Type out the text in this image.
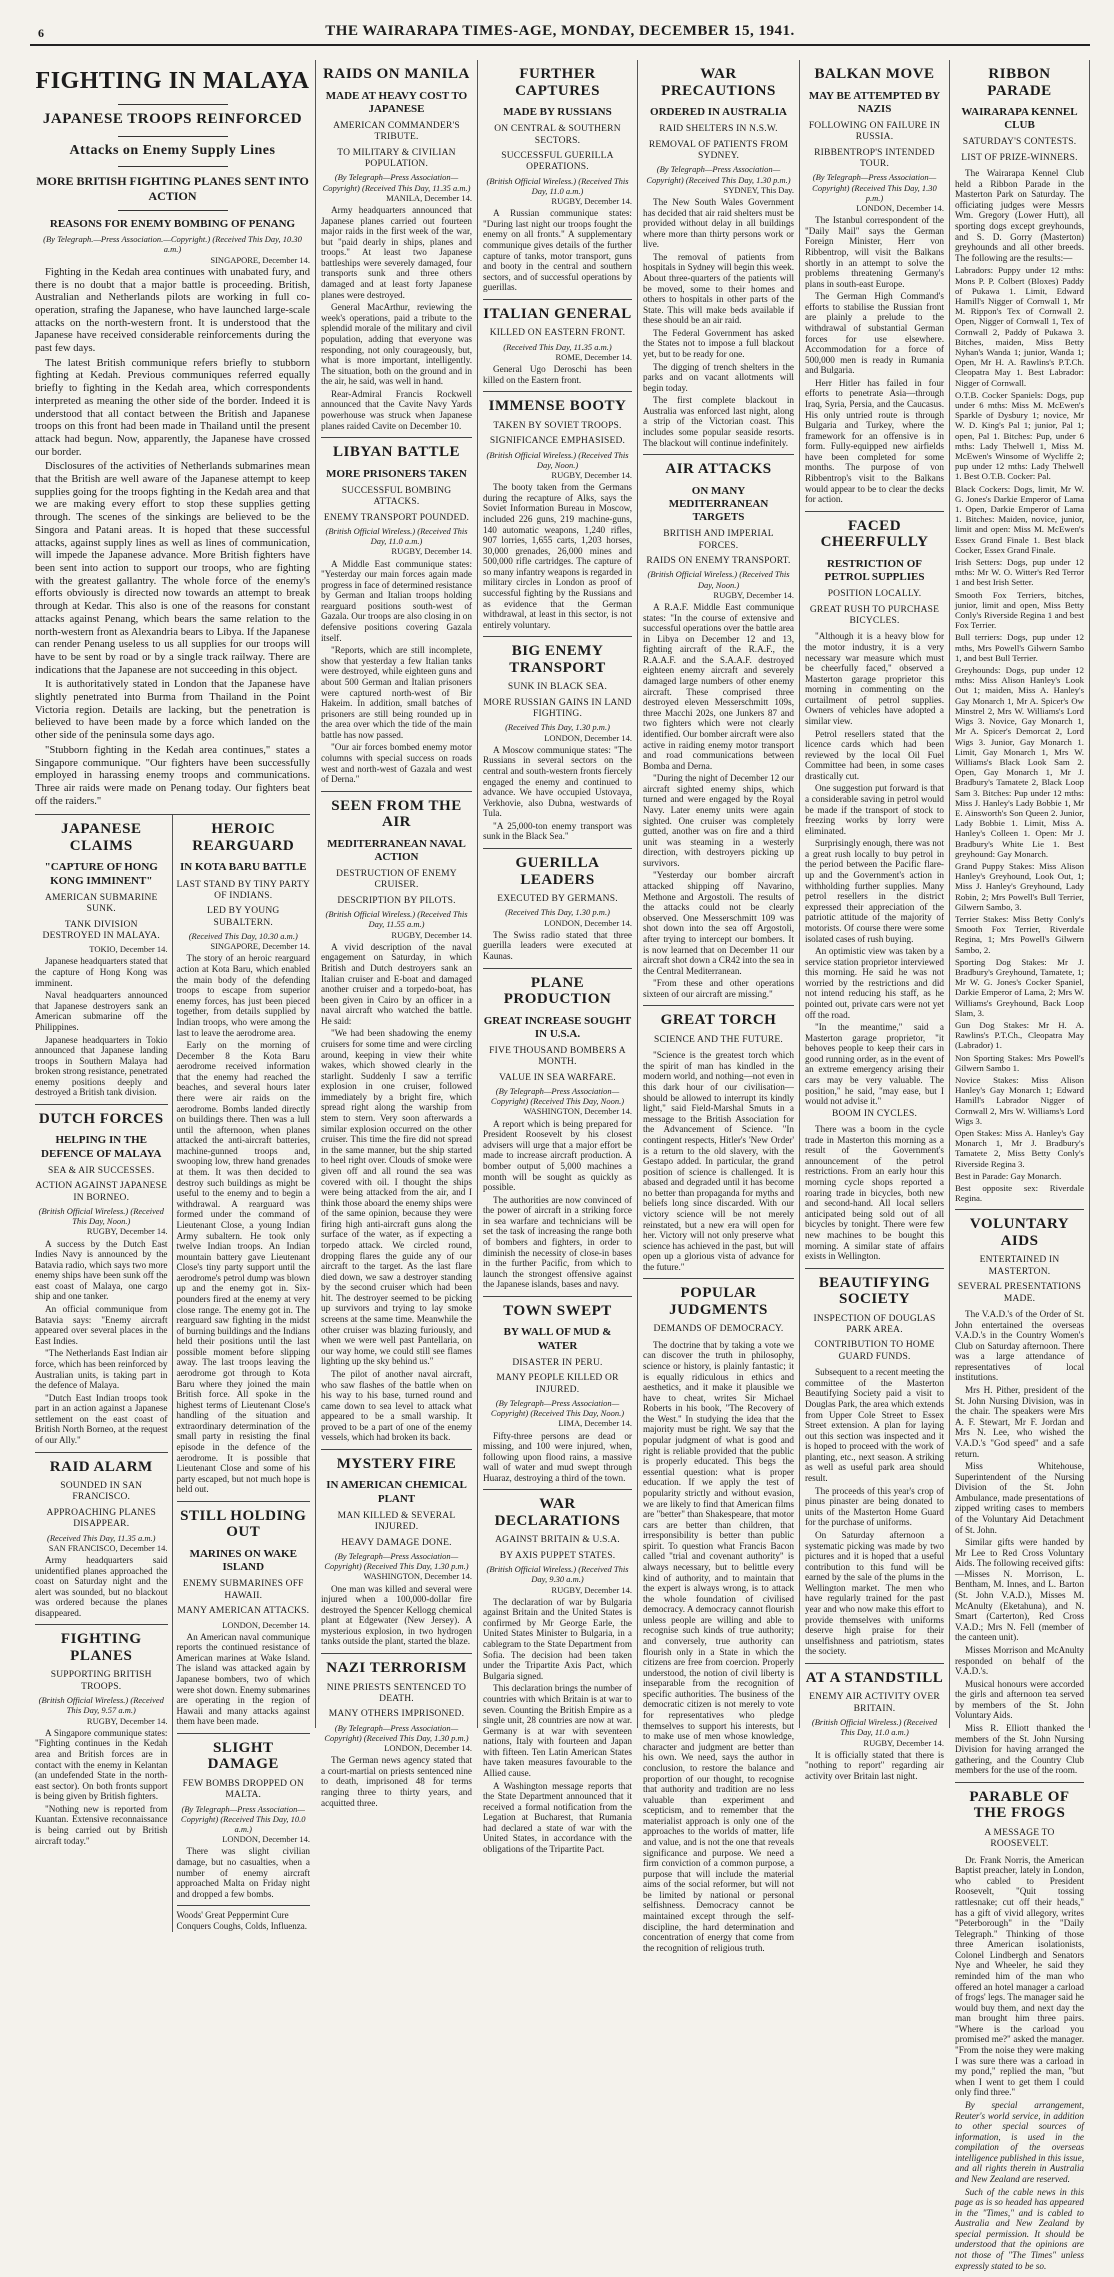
6	THE WAIRARAPA TIMES-AGE, MONDAY, DECEMBER 15, 1941.
FIGHTING IN MALAYA
JAPANESE TROOPS REINFORCED
Attacks on Enemy Supply Lines
MORE BRITISH FIGHTING PLANES SENT INTO ACTION
REASONS FOR ENEMY BOMBING OF PENANG
(By Telegraph.—Press Association.—Copyright.) (Received This Day, 10.30 a.m.)
SINGAPORE, December 14.

Fighting in the Kedah area continues with unabated fury, and there is no doubt that a major battle is proceeding. British, Australian and Netherlands pilots are working in full co-operation, strafing the Japanese, who have launched large-scale attacks on the north-western front. It is understood that the Japanese have received considerable reinforcements during the past few days.

The latest British communique refers briefly to stubborn fighting at Kedah. Previous communiques referred equally briefly to fighting in the Kedah area, which correspondents interpreted as meaning the other side of the border. Indeed it is understood that all contact between the British and Japanese troops on this front had been made in Thailand until the present attack had begun. Now, apparently, the Japanese have crossed our border.

Disclosures of the activities of Netherlands submarines mean that the British are well aware of the Japanese attempt to keep supplies going for the troops fighting in the Kedah area and that we are making every effort to stop these supplies getting through. The scenes of the sinkings are believed to be the Singora and Patani areas. It is hoped that these successful attacks, against supply lines as well as lines of communication, will impede the Japanese advance. More British fighters have been sent into action to support our troops, who are fighting with the greatest gallantry. The whole force of the enemy's efforts obviously is directed now towards an attempt to break through at Kedar. This also is one of the reasons for constant attacks against Penang, which bears the same relation to the north-western front as Alexandria bears to Libya. If the Japanese can render Penang useless to us all supplies for our troops will have to be sent by road or by a single track railway. There are indications that the Japanese are not succeeding in this object.

It is authoritatively stated in London that the Japanese have slightly penetrated into Burma from Thailand in the Point Victoria region. Details are lacking, but the penetration is believed to have been made by a force which landed on the other side of the peninsula some days ago.

"Stubborn fighting in the Kedah area continues," states a Singapore communique. "Our fighters have been successfully employed in harassing enemy troops and communications. Three air raids were made on Penang today. Our fighters beat off the raiders."

JAPANESE CLAIMS
"CAPTURE OF HONG KONG IMMINENT"
AMERICAN SUBMARINE SUNK.
TANK DIVISION DESTROYED IN MALAYA.
TOKIO, December 14.

Japanese headquarters stated that the capture of Hong Kong was imminent.

Naval headquarters announced that Japanese destroyers sank an American submarine off the Philippines.

Japanese headquarters in Tokio announced that Japanese landing troops in Southern Malaya had broken strong resistance, penetrated enemy positions deeply and destroyed a British tank division.

DUTCH FORCES
HELPING IN THE DEFENCE OF MALAYA
SEA & AIR SUCCESSES.
ACTION AGAINST JAPANESE IN BORNEO.
(British Official Wireless.) (Received This Day, Noon.)
RUGBY, December 14.

A success by the Dutch East Indies Navy is announced by the Batavia radio, which says two more enemy ships have been sunk off the east coast of Malaya, one cargo ship and one tanker.

An official communique from Batavia says: "Enemy aircraft appeared over several places in the East Indies.

"The Netherlands East Indian air force, which has been reinforced by Australian units, is taking part in the defence of Malaya.

"Dutch East Indian troops took part in an action against a Japanese settlement on the east coast of British North Borneo, at the request of our Ally."

RAID ALARM
SOUNDED IN SAN FRANCISCO.
APPROACHING PLANES DISAPPEAR.
(Received This Day, 11.35 a.m.)
SAN FRANCISCO, December 14.

Army headquarters said unidentified planes approached the coast on Saturday night and the alert was sounded, but no blackout was ordered because the planes disappeared.

FIGHTING PLANES
SUPPORTING BRITISH TROOPS.
(British Official Wireless.) (Received This Day, 9.57 a.m.)
RUGBY, December 14.

A Singapore communique states: "Fighting continues in the Kedah area and British forces are in contact with the enemy in Kelantan (an undefended State in the north-east sector). On both fronts support is being given by British fighters.

"Nothing new is reported from Kuantan. Extensive reconnaissance is being carried out by British aircraft today."

HEROIC REARGUARD
IN KOTA BARU BATTLE
LAST STAND BY TINY PARTY OF INDIANS.
LED BY YOUNG SUBALTERN.
(Received This Day, 10.30 a.m.)
SINGAPORE, December 14.

The story of an heroic rearguard action at Kota Baru, which enabled the main body of the defending troops to escape from superior enemy forces, has just been pieced together, from details supplied by Indian troops, who were among the last to leave the aerodrome area.

Early on the morning of December 8 the Kota Baru aerodrome received information that the enemy had reached the beaches, and several hours later there were air raids on the aerodrome. Bombs landed directly on buildings there. Then was a lull until the afternoon, when planes attacked the anti-aircraft batteries, machine-gunned troops and, swooping low, threw hand grenades at them. It was then decided to destroy such buildings as might be useful to the enemy and to begin a withdrawal. A rearguard was formed under the command of Lieutenant Close, a young Indian Army subaltern. He took only twelve Indian troops. An Indian mountain battery gave Lieutenant Close's tiny party support until the aerodrome's petrol dump was blown up and the enemy got in. Six-pounders fired at the enemy at very close range. The enemy got in. The rearguard saw fighting in the midst of burning buildings and the Indians held their positions until the last possible moment before slipping away. The last troops leaving the aerodrome got through to Kota Baru where they joined the main British force. All spoke in the highest terms of Lieutenant Close's handling of the situation and extraordinary determination of the small party in resisting the final episode in the defence of the aerodrome. It is possible that Lieutenant Close and some of his party escaped, but not much hope is held out.

STILL HOLDING OUT
MARINES ON WAKE ISLAND
ENEMY SUBMARINES OFF HAWAII.
MANY AMERICAN ATTACKS.
LONDON, December 14.

An American naval communique reports the continued resistance of American marines at Wake Island. The island was attacked again by Japanese bombers, two of which were shot down. Enemy submarines are operating in the region of Hawaii and many attacks against them have been made.

SLIGHT DAMAGE
FEW BOMBS DROPPED ON MALTA.
(By Telegraph—Press Association—Copyright) (Received This Day, 10.0 a.m.)
LONDON, December 14.

There was slight civilian damage, but no casualties, when a number of enemy aircraft approached Malta on Friday night and dropped a few bombs.

Woods' Great Peppermint Cure Conquers Coughs, Colds, Influenza.
RAIDS ON MANILA
MADE AT HEAVY COST TO JAPANESE
AMERICAN COMMANDER'S TRIBUTE.
TO MILITARY & CIVILIAN POPULATION.
(By Telegraph—Press Association—Copyright) (Received This Day, 11.35 a.m.)
MANILA, December 14.

Army headquarters announced that Japanese planes carried out fourteen major raids in the first week of the war, but "paid dearly in ships, planes and troops." At least two Japanese battleships were severely damaged, four transports sunk and three others damaged and at least forty Japanese planes were destroyed.

General MacArthur, reviewing the week's operations, paid a tribute to the splendid morale of the military and civil population, adding that everyone was responding, not only courageously, but, what is more important, intelligently. The situation, both on the ground and in the air, he said, was well in hand.

Rear-Admiral Francis Rockwell announced that the Cavite Navy Yards powerhouse was struck when Japanese planes raided Cavite on December 10.

LIBYAN BATTLE
MORE PRISONERS TAKEN
SUCCESSFUL BOMBING ATTACKS.
ENEMY TRANSPORT POUNDED.
(British Official Wireless.) (Received This Day, 11.0 a.m.)
RUGBY, December 14.

A Middle East communique states: "Yesterday our main forces again made progress in face of determined resistance by German and Italian troops holding rearguard positions south-west of Gazala. Our troops are also closing in on defensive positions covering Gazala itself.

"Reports, which are still incomplete, show that yesterday a few Italian tanks were destroyed, while eighteen guns and about 500 German and Italian prisoners were captured north-west of Bir Hakeim. In addition, small batches of prisoners are still being rounded up in the area over which the tide of the main battle has now passed.

"Our air forces bombed enemy motor columns with special success on roads west and north-west of Gazala and west of Derna."

SEEN FROM THE AIR
MEDITERRANEAN NAVAL ACTION
DESTRUCTION OF ENEMY CRUISER.
DESCRIPTION BY PILOTS.
(British Official Wireless.) (Received This Day, 11.55 a.m.)
RUGBY, December 14.

A vivid description of the naval engagement on Saturday, in which British and Dutch destroyers sank an Italian cruiser and E-boat and damaged another cruiser and a torpedo-boat, has been given in Cairo by an officer in a naval aircraft who watched the battle. He said:

"We had been shadowing the enemy cruisers for some time and were circling around, keeping in view their white wakes, which showed clearly in the starlight. Suddenly I saw a terrific explosion in one cruiser, followed immediately by a bright fire, which spread right along the warship from stem to stern. Very soon afterwards a similar explosion occurred on the other cruiser. This time the fire did not spread in the same manner, but the ship started to heel right over. Clouds of smoke were given off and all round the sea was covered with oil. I thought the ships were being attacked from the air, and I think those aboard the enemy ships were of the same opinion, because they were firing high anti-aircraft guns along the surface of the water, as if expecting a torpedo attack. We circled round, dropping flares the guide any of our aircraft to the target. As the last flare died down, we saw a destroyer standing by the second cruiser which had been hit. The destroyer seemed to be picking up survivors and trying to lay smoke screens at the same time. Meanwhile the other cruiser was blazing furiously, and when we were well past Pantellaria, on our way home, we could still see flames lighting up the sky behind us."

The pilot of another naval aircraft, who saw flashes of the battle when on his way to his base, turned round and came down to sea level to attack what appeared to be a small warship. It proved to be a part of one of the enemy vessels, which had broken its back.

MYSTERY FIRE
IN AMERICAN CHEMICAL PLANT
MAN KILLED & SEVERAL INJURED.
HEAVY DAMAGE DONE.
(By Telegraph—Press Association—Copyright) (Received This Day, 1.30 p.m.)
WASHINGTON, December 14.

One man was killed and several were injured when a 100,000-dollar fire destroyed the Spencer Kellogg chemical plant at Edgewater (New Jersey). A mysterious explosion, in two hydrogen tanks outside the plant, started the blaze.

NAZI TERRORISM
NINE PRIESTS SENTENCED TO DEATH.
MANY OTHERS IMPRISONED.
(By Telegraph—Press Association—Copyright) (Received This Day, 1.30 p.m.)
LONDON, December 14.

The German news agency stated that a court-martial on priests sentenced nine to death, imprisoned 48 for terms ranging three to thirty years, and acquitted three.

FURTHER CAPTURES
MADE BY RUSSIANS
ON CENTRAL & SOUTHERN SECTORS.
SUCCESSFUL GUERILLA OPERATIONS.
(British Official Wireless.) (Received This Day, 11.0 a.m.)
RUGBY, December 14.

A Russian communique states: "During last night our troops fought the enemy on all fronts." A supplementary communique gives details of the further capture of tanks, motor transport, guns and booty in the central and southern sectors, and of successful operations by guerillas.

ITALIAN GENERAL
KILLED ON EASTERN FRONT.
(Received This Day, 11.35 a.m.)
ROME, December 14.

General Ugo Deroschi has been killed on the Eastern front.

IMMENSE BOOTY
TAKEN BY SOVIET TROOPS.
SIGNIFICANCE EMPHASISED.
(British Official Wireless.) (Received This Day, Noon.)
RUGBY, December 14.

The booty taken from the Germans during the recapture of Alks, says the Soviet Information Bureau in Moscow, included 226 guns, 219 machine-guns, 140 automatic weapons, 1,240 rifles, 907 lorries, 1,655 carts, 1,203 horses, 30,000 grenades, 26,000 mines and 500,000 rifle cartridges. The capture of so many infantry weapons is regarded in military circles in London as proof of successful fighting by the Russians and as evidence that the German withdrawal, at least in this sector, is not entirely voluntary.

BIG ENEMY TRANSPORT
SUNK IN BLACK SEA.
MORE RUSSIAN GAINS IN LAND FIGHTING.
(Received This Day, 1.30 p.m.)
LONDON, December 14.

A Moscow communique states: "The Russians in several sectors on the central and south-western fronts fiercely engaged the enemy and continued to advance. We have occupied Ustovaya, Verkhovie, also Dubna, westwards of Tula.

"A 25,000-ton enemy transport was sunk in the Black Sea."

GUERILLA LEADERS
EXECUTED BY GERMANS.
(Received This Day, 1.30 p.m.)
LONDON, December 14.

The Swiss radio stated that three guerilla leaders were executed at Kaunas.

PLANE PRODUCTION
GREAT INCREASE SOUGHT IN U.S.A.
FIVE THOUSAND BOMBERS A MONTH.
VALUE IN SEA WARFARE.
(By Telegraph—Press Association—Copyright) (Received This Day, Noon.)
WASHINGTON, December 14.

A report which is being prepared for President Roosevelt by his closest advisers will urge that a major effort be made to increase aircraft production. A bomber output of 5,000 machines a month will be sought as quickly as possible.

The authorities are now convinced of the power of aircraft in a striking force in sea warfare and technicians will be set the task of increasing the range both of bombers and fighters, in order to diminish the necessity of close-in bases in the further Pacific, from which to launch the strongest offensive against the Japanese islands, bases and navy.

TOWN SWEPT
BY WALL OF MUD & WATER
DISASTER IN PERU.
MANY PEOPLE KILLED OR INJURED.
(By Telegraph—Press Association—Copyright) (Received This Day, Noon.)
LIMA, December 14.

Fifty-three persons are dead or missing, and 100 were injured, when, following upon flood rains, a massive wall of water and mud swept through Huaraz, destroying a third of the town.

WAR DECLARATIONS
AGAINST BRITAIN & U.S.A.
BY AXIS PUPPET STATES.
(British Official Wireless.) (Received This Day, 9.30 a.m.)
RUGBY, December 14.

The declaration of war by Bulgaria against Britain and the United States is confirmed by Mr George Earle, the United States Minister to Bulgaria, in a cablegram to the State Department from Sofia. The decision had been taken under the Tripartite Axis Pact, which Bulgaria signed.

This declaration brings the number of countries with which Britain is at war to seven. Counting the British Empire as a single unit, 28 countries are now at war. Germany is at war with seventeen nations, Italy with fourteen and Japan with fifteen. Ten Latin American States have taken measures favourable to the Allied cause.

A Washington message reports that the State Department announced that it received a formal notification from the Legation at Bucharest, that Rumania had declared a state of war with the United States, in accordance with the obligations of the Tripartite Pact.

WAR PRECAUTIONS
ORDERED IN AUSTRALIA
RAID SHELTERS IN N.S.W.
REMOVAL OF PATIENTS FROM SYDNEY.
(By Telegraph—Press Association—Copyright) (Received This Day, 1.30 p.m.)
SYDNEY, This Day.

The New South Wales Government has decided that air raid shelters must be provided without delay in all buildings where more than thirty persons work or live.

The removal of patients from hospitals in Sydney will begin this week. About three-quarters of the patients will be moved, some to their homes and others to hospitals in other parts of the State. This will make beds available if these should be an air raid.

The Federal Government has asked the States not to impose a full blackout yet, but to be ready for one.

The digging of trench shelters in the parks and on vacant allotments will begin today.

The first complete blackout in Australia was enforced last night, along a strip of the Victorian coast. This includes some popular seaside resorts. The blackout will continue indefinitely.

AIR ATTACKS
ON MANY MEDITERRANEAN TARGETS
BRITISH AND IMPERIAL FORCES.
RAIDS ON ENEMY TRANSPORT.
(British Official Wireless.) (Received This Day, Noon.)
RUGBY, December 14.

A R.A.F. Middle East communique states: "In the course of extensive and successful operations over the battle area in Libya on December 12 and 13, fighting aircraft of the R.A.F., the R.A.A.F. and the S.A.A.F. destroyed eighteen enemy aircraft and severely damaged large numbers of other enemy aircraft. These comprised three destroyed eleven Messerschmitt 109s, three Macchi 202s, one Junkers 87 and two fighters which were not clearly identified. Our bomber aircraft were also active in raiding enemy motor transport and road communications between Bomba and Derna.

"During the night of December 12 our aircraft sighted enemy ships, which turned and were engaged by the Royal Navy. Later enemy units were again sighted. One cruiser was completely gutted, another was on fire and a third unit was steaming in a westerly direction, with destroyers picking up survivors.

"Yesterday our bomber aircraft attacked shipping off Navarino, Methone and Argostoli. The results of the attacks could not be clearly observed. One Messerschmitt 109 was shot down into the sea off Argostoli, after trying to intercept our bombers. It is now learned that on December 11 our aircraft shot down a CR42 into the sea in the Central Mediterranean.

"From these and other operations sixteen of our aircraft are missing."

GREAT TORCH
SCIENCE AND THE FUTURE.

"Science is the greatest torch which the spirit of man has kindled in the modern world, and nothing—not even in this dark hour of our civilisation—should be allowed to interrupt its kindly light," said Field-Marshal Smuts in a message to the British Association for the Advancement of Science. "In contingent respects, Hitler's 'New Order' is a return to the old slavery, with the Gestapo added. In particular, the grand position of science is challenged. It is abased and degraded until it has become no better than propaganda for myths and beliefs long since discarded. With our victory science will be not merely reinstated, but a new era will open for her. Victory will not only preserve what science has achieved in the past, but will open up a glorious vista of advance for the future."

POPULAR JUDGMENTS
DEMANDS OF DEMOCRACY.

The doctrine that by taking a vote we can discover the truth in philosophy, science or history, is plainly fantastic; it is equally ridiculous in ethics and aesthetics, and it make it plausible we have to cheat, writes Sir Michael Roberts in his book, "The Recovery of the West." In studying the idea that the majority must be right. We say that the popular judgment of what is good and right is reliable provided that the public is properly educated. This begs the essential question: what is proper education. If we apply the test of popularity strictly and without evasion, we are likely to find that American films are "better" than Shakespeare, that motor cars are better than children, that irresponsibility is better than public spirit. To question what Francis Bacon called "trial and covenant authority" is always necessary, but to belittle every kind of authority, and to maintain that the expert is always wrong, is to attack the whole foundation of civilised democracy. A democracy cannot flourish unless people are willing and able to recognise such kinds of true authority; and conversely, true authority can flourish only in a State in which the citizens are free from coercion. Properly understood, the notion of civil liberty is inseparable from the recognition of specific authorities. The business of the democratic citizen is not merely to vote for representatives who pledge themselves to support his interests, but to make use of men whose knowledge, character and judgment are better than his own. We need, says the author in conclusion, to restore the balance and proportion of our thought, to recognise that authority and tradition are no less valuable than experiment and scepticism, and to remember that the materialist approach is only one of the approaches to the worlds of matter, life and value, and is not the one that reveals significance and purpose. We need a firm conviction of a common purpose, a purpose that will include the material aims of the social reformer, but will not be limited by national or personal selfishness. Democracy cannot be maintained except through the self-discipline, the hard determination and concentration of energy that come from the recognition of religious truth.

BALKAN MOVE
MAY BE ATTEMPTED BY NAZIS
FOLLOWING ON FAILURE IN RUSSIA.
RIBBENTROP'S INTENDED TOUR.
(By Telegraph—Press Association—Copyright) (Received This Day, 1.30 p.m.)
LONDON, December 14.

The Istanbul correspondent of the "Daily Mail" says the German Foreign Minister, Herr von Ribbentrop, will visit the Balkans shortly in an attempt to solve the problems threatening Germany's plans in south-east Europe.

The German High Command's efforts to stabilise the Russian front are plainly a prelude to the withdrawal of substantial German forces for use elsewhere. Accommodation for a force of 500,000 men is ready in Rumania and Bulgaria.

Herr Hitler has failed in four efforts to penetrate Asia—through Iraq, Syria, Persia, and the Caucasus. His only untried route is through Bulgaria and Turkey, where the framework for an offensive is in form. Fully-equipped new airfields have been completed for some months. The purpose of von Ribbentrop's visit to the Balkans would appear to be to clear the decks for action.

FACED CHEERFULLY
RESTRICTION OF PETROL SUPPLIES
POSITION LOCALLY.
GREAT RUSH TO PURCHASE BICYCLES.

"Although it is a heavy blow for the motor industry, it is a very necessary war measure which must be cheerfully faced," observed a Masterton garage proprietor this morning in commenting on the curtailment of petrol supplies. Owners of vehicles have adopted a similar view.

Petrol resellers stated that the licence cards which had been reviewed by the local Oil Fuel Committee had been, in some cases drastically cut.

One suggestion put forward is that a considerable saving in petrol would be made if the transport of stock to freezing works by lorry were eliminated.

Surprisingly enough, there was not a great rush locally to buy petrol in the period between the Pacific flare-up and the Government's action in withholding further supplies. Many petrol resellers in the district expressed their appreciation of the patriotic attitude of the majority of motorists. Of course there were some isolated cases of rush buying.

An optimistic view was taken by a service station proprietor interviewed this morning. He said he was not worried by the restrictions and did not intend reducing his staff, as he pointed out, private cars were not yet off the road.

"In the meantime," said a Masterton garage proprietor, "it behoves people to keep their cars in good running order, as in the event of an extreme emergency arising their cars may be very valuable. The position," he said, "may ease, but I would not advise it."

BOOM IN CYCLES.

There was a boom in the cycle trade in Masterton this morning as a result of the Government's announcement of the petrol restrictions. From an early hour this morning cycle shops reported a roaring trade in bicycles, both new and second-hand. All local sellers anticipated being sold out of all bicycles by tonight. There were few new machines to be bought this morning. A similar state of affairs exists in Wellington.

BEAUTIFYING SOCIETY
INSPECTION OF DOUGLAS PARK AREA.
CONTRIBUTION TO HOME GUARD FUNDS.

Subsequent to a recent meeting the committee of the Masterton Beautifying Society paid a visit to Douglas Park, the area which extends from Upper Cole Street to Essex Street extension. A plan for laying out this section was inspected and it is hoped to proceed with the work of planting, etc., next season. A striking as well as useful park area should result.

The proceeds of this year's crop of pinus pinaster are being donated to units of the Masterton Home Guard for the purchase of uniforms.

On Saturday afternoon a systematic picking was made by two pictures and it is hoped that a useful contribution to this fund will be earned by the sale of the plums in the Wellington market. The men who have regularly trained for the past year and who now make this effort to provide themselves with uniforms deserve high praise for their unselfishness and patriotism, states the society.

AT A STANDSTILL
ENEMY AIR ACTIVITY OVER BRITAIN.
(British Official Wireless.) (Received This Day, 11.0 a.m.)
RUGBY, December 14.

It is officially stated that there is "nothing to report" regarding air activity over Britain last night.

RIBBON PARADE
WAIRARAPA KENNEL CLUB
SATURDAY'S CONTESTS.
LIST OF PRIZE-WINNERS.

The Wairarapa Kennel Club held a Ribbon Parade in the Masterton Park on Saturday. The officiating judges were Messrs Wm. Gregory (Lower Hutt), all sporting dogs except greyhounds, and S. D. Gorry (Masterton) greyhounds and all other breeds. The following are the results:—

Labradors: Puppy under 12 mths: Mons P. P. Colbert (Bloxes) Paddy of Pukawa 1. Limit, Edward Hamill's Nigger of Cornwall 1, Mr M. Rippon's Tex of Cornwall 2. Open, Nigger of Cornwall 1, Tex of Cornwall 2, Paddy of Pukawa 3. Bitches, maiden, Miss Betty Nyhan's Wanda 1; junior, Wanda 1; Open, Mr H. A. Rawlins's P.T.Ch. Cleopatra May 1. Best Labrador: Nigger of Cornwall.

O.T.B. Cocker Spaniels: Dogs, pup under 6 mths: Miss M. McEwen's Sparkle of Dysbury 1; novice, Mr W. D. King's Pal 1; junior, Pal 1; open, Pal 1. Bitches: Pup, under 6 mths: Lady Thelwell 1, Miss M. McEwen's Winsome of Wycliffe 2; pup under 12 mths: Lady Thelwell 1. Best O.T.B. Cocker: Pal.

Black Cockers: Dogs, limit, Mr W. G. Jones's Darkie Emperor of Lama 1. Open, Darkie Emperor of Lama 1. Bitches: Maiden, novice, junior, limit and open: Miss M. McEwen's Essex Grand Finale 1. Best black Cocker, Essex Grand Finale.

Irish Setters: Dogs, pup under 12 mths: Mr W. O. Witter's Red Terror 1 and best Irish Setter.

Smooth Fox Terriers, bitches, junior, limit and open, Miss Betty Conly's Riverside Regina 1 and best Fox Terrier.

Bull terriers: Dogs, pup under 12 mths, Mrs Powell's Gilwern Sambo 1, and best Bull Terrier.

Greyhounds: Dogs, pup under 12 mths: Miss Alison Hanley's Look Out 1; maiden, Miss A. Hanley's Gay Monarch 1, Mr A. Spicer's Ow Minstrel 2, Mrs W. Williams's Lord Wigs 3. Novice, Gay Monarch 1, Mr A. Spicer's Demorcat 2, Lord Wigs 3. Junior, Gay Monarch 1. Limit, Gay Monarch 1, Mrs W. Williams's Black Look Sam 2. Open, Gay Monarch 1, Mr J. Bradbury's Tamatete 2, Black Loop Sam 3. Bitches: Pup under 12 mths: Miss J. Hanley's Lady Bobbie 1, Mr E. Ainsworth's Son Queen 2. Junior, Lady Bobbie 1. Limit, Miss A. Hanley's Colleen 1. Open: Mr J. Bradbury's White Lie 1. Best greyhound: Gay Monarch.

Grand Puppy Stakes: Miss Alison Hanley's Greyhound, Look Out, 1; Miss J. Hanley's Greyhound, Lady Robin, 2; Mrs Powell's Bull Terrier, Gilwern Sambo, 3.

Terrier Stakes: Miss Betty Conly's Smooth Fox Terrier, Riverdale Regina, 1; Mrs Powell's Gilwern Sambo, 2.

Sporting Dog Stakes: Mr J. Bradbury's Greyhound, Tamatete, 1; Mr W. G. Jones's Cocker Spaniel, Darkie Emperor of Lama, 2; Mrs W. Williams's Greyhound, Back Loop Slam, 3.

Gun Dog Stakes: Mr H. A. Rawlins's P.T.Ch., Cleopatra May (Labrador) 1.

Non Sporting Stakes: Mrs Powell's Gilwern Sambo 1.

Novice Stakes: Miss Alison Hanley's Gay Monarch 1; Edward Hamill's Labrador Nigger of Cornwall 2, Mrs W. Williams's Lord Wigs 3.

Open Stakes: Miss A. Hanley's Gay Monarch 1, Mr J. Bradbury's Tamatete 2, Miss Betty Conly's Riverside Regina 3.

Best in Parade: Gay Monarch.

Best opposite sex: Riverdale Regina.

VOLUNTARY AIDS
ENTERTAINED IN MASTERTON.
SEVERAL PRESENTATIONS MADE.

The V.A.D.'s of the Order of St. John entertained the overseas V.A.D.'s in the Country Women's Club on Saturday afternoon. There was a large attendance of representatives of local institutions.

Mrs H. Pither, president of the St. John Nursing Division, was in the chair. The speakers were Mrs A. F. Stewart, Mr F. Jordan and Mrs N. Lee, who wished the V.A.D.'s "God speed" and a safe return.

Miss Whitehouse, Superintendent of the Nursing Division of the St. John Ambulance, made presentations of zipped writing cases to members of the Voluntary Aid Detachment of St. John.

Similar gifts were handed by Mr Lee to Red Cross Voluntary Aids. The following received gifts:—Misses N. Morrison, L. Bentham, M. Innes, and L. Barton (St. John V.A.D.), Misses M. McAnulty (Eketahuna), and N. Smart (Carterton), Red Cross V.A.D.; Mrs N. Fell (member of the canteen unit).

Misses Morrison and McAnulty responded on behalf of the V.A.D.'s.

Musical honours were accorded the girls and afternoon tea served by members of the St. John Voluntary Aids.

Miss R. Elliott thanked the members of the St. John Nursing Division for having arranged the gathering, and the Country Club members for the use of the room.

PARABLE OF THE FROGS
A MESSAGE TO ROOSEVELT.

Dr. Frank Norris, the American Baptist preacher, lately in London, who cabled to President Roosevelt, "Quit tossing rattlesnake; cut off their heads," has a gift of vivid allegory, writes "Peterborough" in the "Daily Telegraph." Thinking of those three American isolationists, Colonel Lindbergh and Senators Nye and Wheeler, he said they reminded him of the man who offered an hotel manager a carload of frogs' legs. The manager said he would buy them, and next day the man brought him three pairs. "Where is the carload you promised me?" asked the manager. "From the noise they were making I was sure there was a carload in my pond," replied the man, "but when I went to get them I could only find three."

By special arrangement, Reuter's world service, in addition to other special sources of information, is used in the compilation of the overseas intelligence published in this issue, and all rights therein in Australia and New Zealand are reserved.

Such of the cable news in this page as is so headed has appeared in the "Times," and is cabled to Australia and New Zealand by special permission. It should be understood that the opinions are not those of "The Times" unless expressly stated to be so.
